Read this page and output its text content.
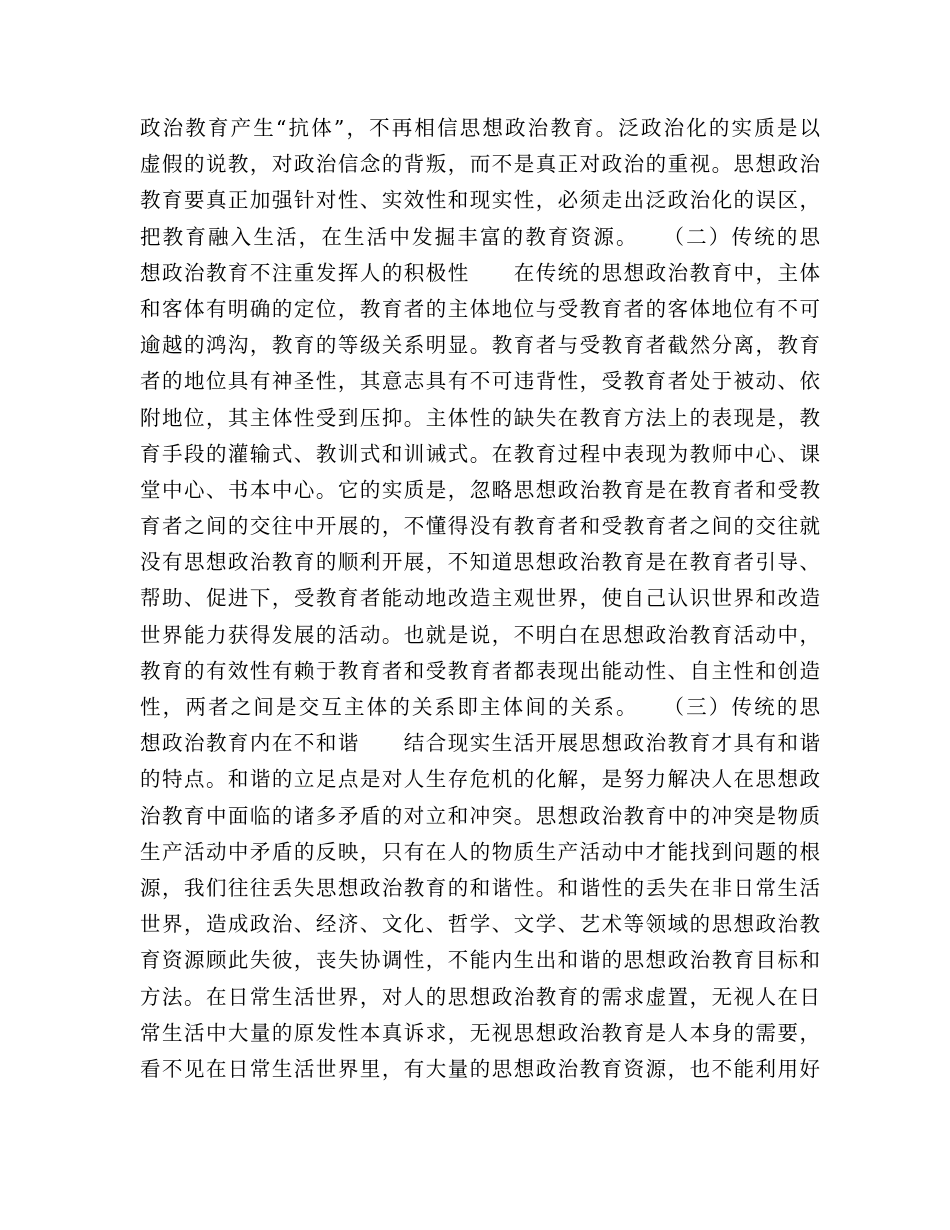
政治教育产生“抗体”，不再相信思想政治教育。泛政治化的实质是以
虚假的说教，对政治信念的背叛，而不是真正对政治的重视。思想政治
教育要真正加强针对性、实效性和现实性，必须走出泛政治化的误区，
把教育融入生活，在生活中发掘丰富的教育资源。　　（二）传统的思
想政治教育不注重发挥人的积极性　　在传统的思想政治教育中，主体
和客体有明确的定位，教育者的主体地位与受教育者的客体地位有不可
逾越的鸿沟，教育的等级关系明显。教育者与受教育者截然分离，教育
者的地位具有神圣性，其意志具有不可违背性，受教育者处于被动、依
附地位，其主体性受到压抑。主体性的缺失在教育方法上的表现是，教
育手段的灌输式、教训式和训诫式。在教育过程中表现为教师中心、课
堂中心、书本中心。它的实质是，忽略思想政治教育是在教育者和受教
育者之间的交往中开展的，不懂得没有教育者和受教育者之间的交往就
没有思想政治教育的顺利开展，不知道思想政治教育是在教育者引导、
帮助、促进下，受教育者能动地改造主观世界，使自己认识世界和改造
世界能力获得发展的活动。也就是说，不明白在思想政治教育活动中，
教育的有效性有赖于教育者和受教育者都表现出能动性、自主性和创造
性，两者之间是交互主体的关系即主体间的关系。　　（三）传统的思
想政治教育内在不和谐　　结合现实生活开展思想政治教育才具有和谐
的特点。和谐的立足点是对人生存危机的化解，是努力解决人在思想政
治教育中面临的诸多矛盾的对立和冲突。思想政治教育中的冲突是物质
生产活动中矛盾的反映，只有在人的物质生产活动中才能找到问题的根
源，我们往往丢失思想政治教育的和谐性。和谐性的丢失在非日常生活
世界，造成政治、经济、文化、哲学、文学、艺术等领域的思想政治教
育资源顾此失彼，丧失协调性，不能内生出和谐的思想政治教育目标和
方法。在日常生活世界，对人的思想政治教育的需求虚置，无视人在日
常生活中大量的原发性本真诉求，无视思想政治教育是人本身的需要，
看不见在日常生活世界里，有大量的思想政治教育资源，也不能利用好
